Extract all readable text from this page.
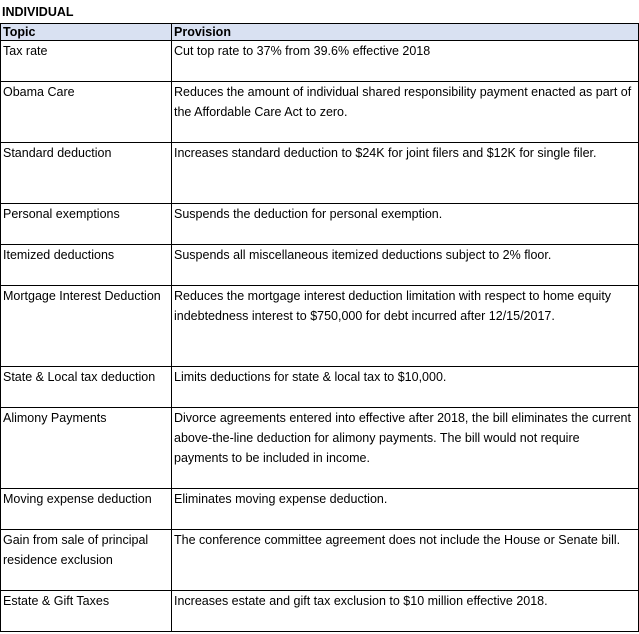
INDIVIDUAL
Topic	Provision
Tax rate	Cut top rate to 37% from 39.6% effective 2018
Obama Care	Reduces the amount of individual shared responsibility payment enacted as part of the Affordable Care Act to zero.
Standard deduction	Increases standard deduction to $24K for joint filers and $12K for single filer.
Personal exemptions	Suspends the deduction for personal exemption.
Itemized deductions	Suspends all miscellaneous itemized deductions subject to 2% floor.
Mortgage Interest Deduction	Reduces the mortgage interest deduction limitation with respect to home equity indebtedness interest to $750,000 for debt incurred after 12/15/2017.
State & Local tax deduction	Limits deductions for state & local tax to $10,000.
Alimony Payments	Divorce agreements entered into effective after 2018, the bill eliminates the current above-the-line deduction for alimony payments. The bill would not require payments to be included in income.
Moving expense deduction	Eliminates moving expense deduction.
Gain from sale of principal residence exclusion	The conference committee agreement does not include the House or Senate bill.
Estate & Gift Taxes	Increases estate and gift tax exclusion to $10 million effective 2018.
